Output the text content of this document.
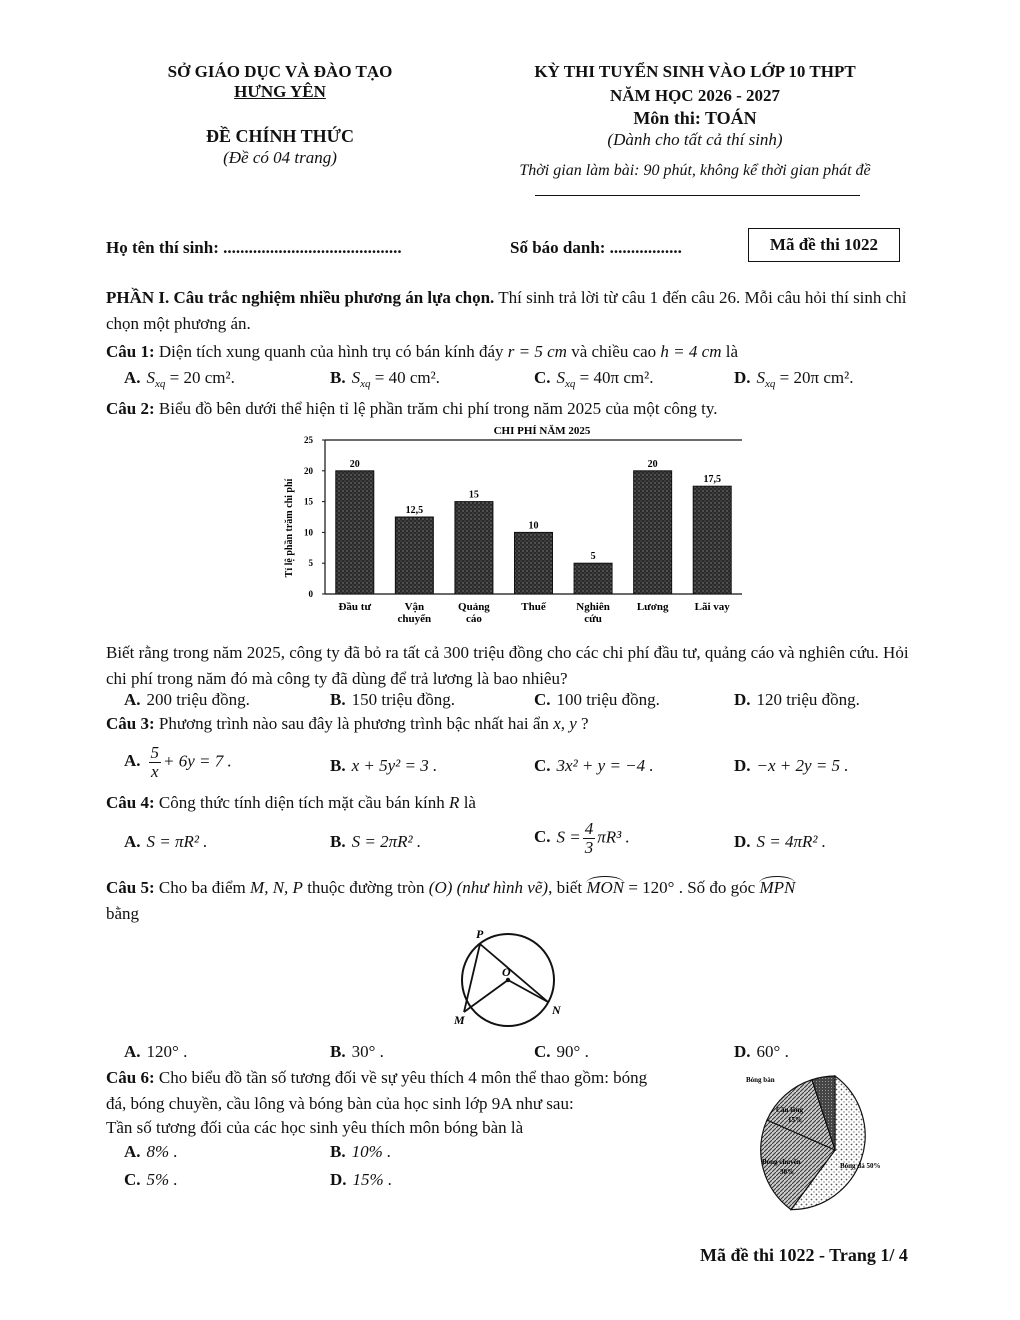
SỞ GIÁO DỤC VÀ ĐÀO TẠO
HƯNG YÊN
ĐỀ CHÍNH THỨC
(Đề có 04 trang)
KỲ THI TUYỂN SINH VÀO LỚP 10 THPT
NĂM HỌC 2026 - 2027
Môn thi: TOÁN
(Dành cho tất cả thí sinh)
Thời gian làm bài: 90 phút, không kể thời gian phát đề
Họ tên thí sinh: ..........................................	Số báo danh: .................	Mã đề thi 1022
PHẦN I. Câu trắc nghiệm nhiều phương án lựa chọn. Thí sinh trả lời từ câu 1 đến câu 26. Mỗi câu hỏi thí sinh chỉ chọn một phương án.
Câu 1: Diện tích xung quanh của hình trụ có bán kính đáy r = 5 cm và chiều cao h = 4 cm là
A. $S_{xq} = 20$ cm².	B. $S_{xq} = 40$ cm².	C. $S_{xq} = 40\pi$ cm².	D. $S_{xq} = 20\pi$ cm².
Câu 2: Biểu đồ bên dưới thể hiện tỉ lệ phần trăm chi phí trong năm 2025 của một công ty.
CHI PHÍ NĂM 2025
Tỉ lệ phần trăm chi phí
0
5
10
15
20
25
20
Đầu tư
12,5
Vận
chuyển
15
Quảng
cáo
10
Thuế
5
Nghiên
cứu
20
Lương
17,5
Lãi vay
Biết rằng trong năm 2025, công ty đã bỏ ra tất cả 300 triệu đồng cho các chi phí đầu tư, quảng cáo và nghiên cứu. Hỏi chi phí trong năm đó mà công ty đã dùng để trả lương là bao nhiêu?
A. 200 triệu đồng.	B. 150 triệu đồng.	C. 100 triệu đồng.	D. 120 triệu đồng.
Câu 3: Phương trình nào sau đây là phương trình bậc nhất hai ẩn x, y ?
A. $\frac{5}{x} + 6y = 7$ .	B. x + 5y² = 3 .	C. 3x² + y = −4 .	D. −x + 2y = 5 .
Câu 4: Công thức tính diện tích mặt cầu bán kính R là
A. S = πR² .	B. S = 2πR² .	C. $S = \frac{4}{3} \pi R^3$ .	D. S = 4πR² .
Câu 5: Cho ba điểm M, N, P thuộc đường tròn (O) (như hình vẽ), biết MON = 120° . Số đo góc MPN
bằng
P
O
N
M
A. 120° .	B. 30° .	C. 90° .	D. 60° .
Câu 6: Cho biểu đồ tần số tương đối về sự yêu thích 4 môn thể thao gồm: bóng
đá, bóng chuyền, cầu lông và bóng bàn của học sinh lớp 9A như sau:
Tần số tương đối của các học sinh yêu thích môn bóng bàn là
A. 8% .	B. 10% .
C. 5% .	D. 15% .
Bóng bàn
Cầu lông
15%
Bóng chuyền
30%
Bóng đá 50%
Mã đề thi 1022 - Trang 1/ 4
